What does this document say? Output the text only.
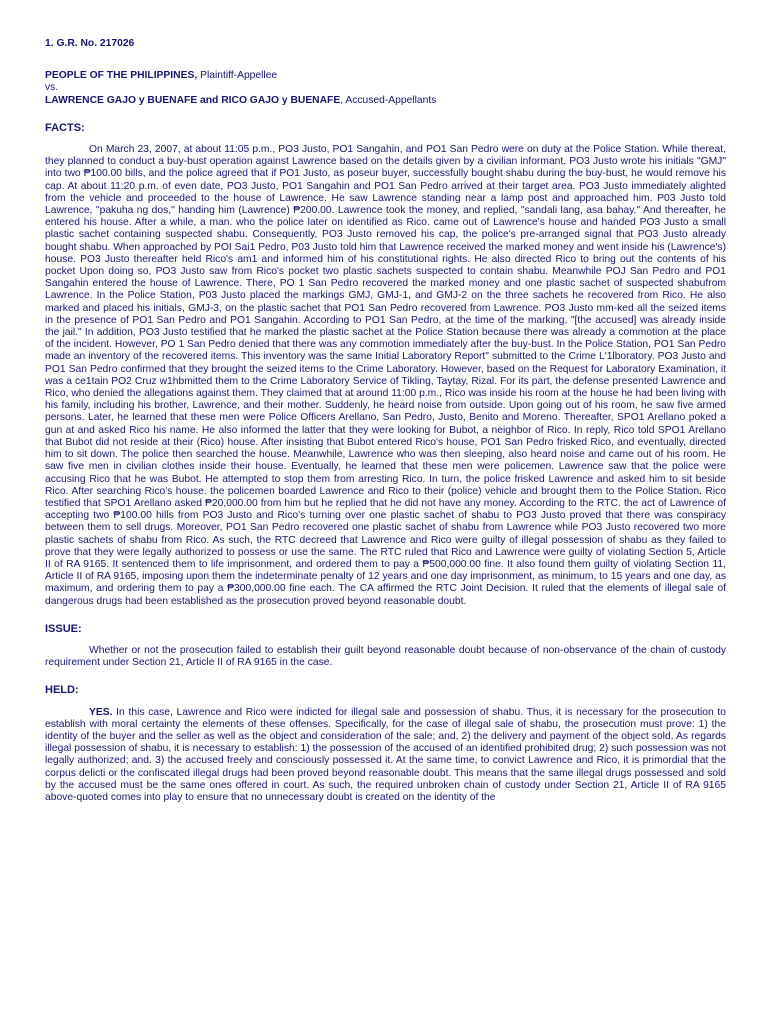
1. G.R. No. 217026
PEOPLE OF THE PHILIPPINES, Plaintiff-Appellee
vs.
LAWRENCE GAJO y BUENAFE and RICO GAJO y BUENAFE, Accused-Appellants
FACTS:

On March 23, 2007, at about 11:05 p.m., PO3 Justo, PO1 Sangahin, and PO1 San Pedro were on duty at the Police Station. While thereat, they planned to conduct a buy-bust operation against Lawrence based on the details given by a civilian informant. PO3 Justo wrote his initials "GMJ" into two ₱100.00 bills, and the police agreed that if PO1 Justo, as poseur buyer, successfully bought shabu during the buy-bust, he would remove his cap. At about 11:20 p.m. of even date, PO3 Justo, PO1 Sangahin and PO1 San Pedro arrived at their target area. PO3 Justo immediately alighted from the vehicle and proceeded to the house of Lawrence. He saw Lawrence standing near a lamp post and approached him. P03 Justo told Lawrence, "pakuha ng dos," handing him (Lawrence) ₱200.00. Lawrence took the money, and replied, "sandali lang, asa bahay." And thereafter, he entered his house. After a while, a man. who the police later on identified as Rico. came out of Lawrence's house and handed PO3 Justo a small plastic sachet containing suspected shabu. Consequently, PO3 Justo removed his cap, the police's pre-arranged signal that PO3 Justo already bought shabu. When approached by POI Sai1 Pedro, P03 Justo told him that Lawrence received the marked money and went inside his (Lawrence's) house. PO3 Justo thereafter held Rico's am1 and informed him of his constitutional rights. He also directed Rico to bring out the contents of his pocket Upon doing so, PO3 Justo saw from Rico's pocket two plastic sachets suspected to contain shabu. Meanwhile POJ San Pedro and PO1 Sangahin entered the house of Lawrence. There, PO 1 San Pedro recovered the marked money and one plastic sachet of suspected shabufrom Lawrence. In the Police Station, P03 Justo placed the markings GMJ, GMJ-1, and GMJ-2 on the three sachets he recovered from Rico. He also marked and placed his initials, GMJ-3, on the plastic sachet that PO1 San Pedro recovered from Lawrence. PO3 Justo mm-ked all the seized items in the presence of PO1 San Pedro and PO1 Sangahin. According to PO1 San Pedro, at the time of the marking, "[the accused] was already inside the jail." In addition, PO3 Justo testified that he marked the plastic sachet at the Police Station because there was already a commotion at the place of the incident. However, PO 1 San Pedro denied that there was any commotion immediately after the buy-bust. In the Police Station, PO1 San Pedro made an inventory of the recovered items. This inventory was the same Initial Laboratory Report" submitted to the Crime L'1lboratory. PO3 Justo and PO1 San Pedro confirmed that they brought the seized items to the Crime Laboratory. However, based on the Request for Laboratory Examination, it was a ce1tain PO2 Cruz w1hbmitted them to the Crime Laboratory Service of Tikling, Taytay, Rizal. For its part, the defense presented Lawrence and Rico, who denied the allegations against them. They claimed that at around 11:00 p.m., Rico was inside his room at the house he had been living with his family, including his brother, Lawrence, and their mother. Suddenly, he heard noise from outside. Upon going out of his room, he saw five armed persons. Later, he learned that these men were Police Officers Arellano, San Pedro, Justo, Benito and Moreno. Thereafter, SPO1 Arellano poked a gun at and asked Rico his name. He also informed the latter that they were looking for Bubot, a neighbor of Rico. In reply, Rico told SPO1 Arellano that Bubot did not reside at their (Rico) house. After insisting that Bubot entered Rico's house, PO1 San Pedro frisked Rico, and eventually, directed him to sit down. The police then searched the house. Meanwhile, Lawrence who was then sleeping, also heard noise and came out of his room. He saw five men in civilian clothes inside their house. Eventually, he learned that these men were policemen. Lawrence saw that the police were accusing Rico that he was Bubot. He attempted to stop them from arresting Rico. In turn, the police frisked Lawrence and asked him to sit beside Rico. After searching Rico's house. the policemen boarded Lawrence and Rico to their (police) vehicle and brought them to the Police Station. Rico testified that SPO1 Arellano asked ₱20,000.00 from him but he replied that he did not have any money. According to the RTC. the act of Lawrence of accepting two ₱100.00 hills from PO3 Justo and Rico's turning over one plastic sachet of shabu to PO3 Justo proved that there was conspiracy between them to sell drugs. Moreover, PO1 San Pedro recovered one plastic sachet of shabu from Lawrence while PO3 Justo recovered two more plastic sachets of shabu from Rico. As such, the RTC decreed that Lawrence and Rico were guilty of illegal possession of shabu as they failed to prove that they were legally authorized to possess or use the same. The RTC ruled that Rico and Lawrence were guilty of violating Section 5, Article II of RA 9165. It sentenced them to life imprisonment, and ordered them to pay a ₱500,000.00 fine. It also found them guilty of violating Section 11, Article II of RA 9165, imposing upon them the indeterminate penalty of 12 years and one day imprisonment, as minimum, to 15 years and one day, as maximum, and ordering them to pay a ₱300,000.00 fine each. The CA affirmed the RTC Joint Decision. It ruled that the elements of illegal sale of dangerous drugs had been established as the prosecution proved beyond reasonable doubt.

ISSUE:

Whether or not the prosecution failed to establish their guilt beyond reasonable doubt because of non-observance of the chain of custody requirement under Section 21, Article II of RA 9165 in the case.

HELD:

YES. In this case, Lawrence and Rico were indicted for illegal sale and possession of shabu. Thus, it is necessary for the prosecution to establish with moral certainty the elements of these offenses. Specifically, for the case of illegal sale of shabu, the prosecution must prove: 1) the identity of the buyer and the seller as well as the object and consideration of the sale; and, 2) the delivery and payment of the object sold. As regards illegal possession of shabu, it is necessary to establish: 1) the possession of the accused of an identified prohibited drug; 2) such possession was not legally authorized; and. 3) the accused freely and consciously possessed it. At the same time, to convict Lawrence and Rico, it is primordial that the corpus delicti or the confiscated illegal drugs had been proved beyond reasonable doubt. This means that the same illegal drugs possessed and sold by the accused must be the same ones offered in court. As such, the required unbroken chain of custody under Section 21, Article II of RA 9165 above-quoted comes into play to ensure that no unnecessary doubt is created on the identity of the
